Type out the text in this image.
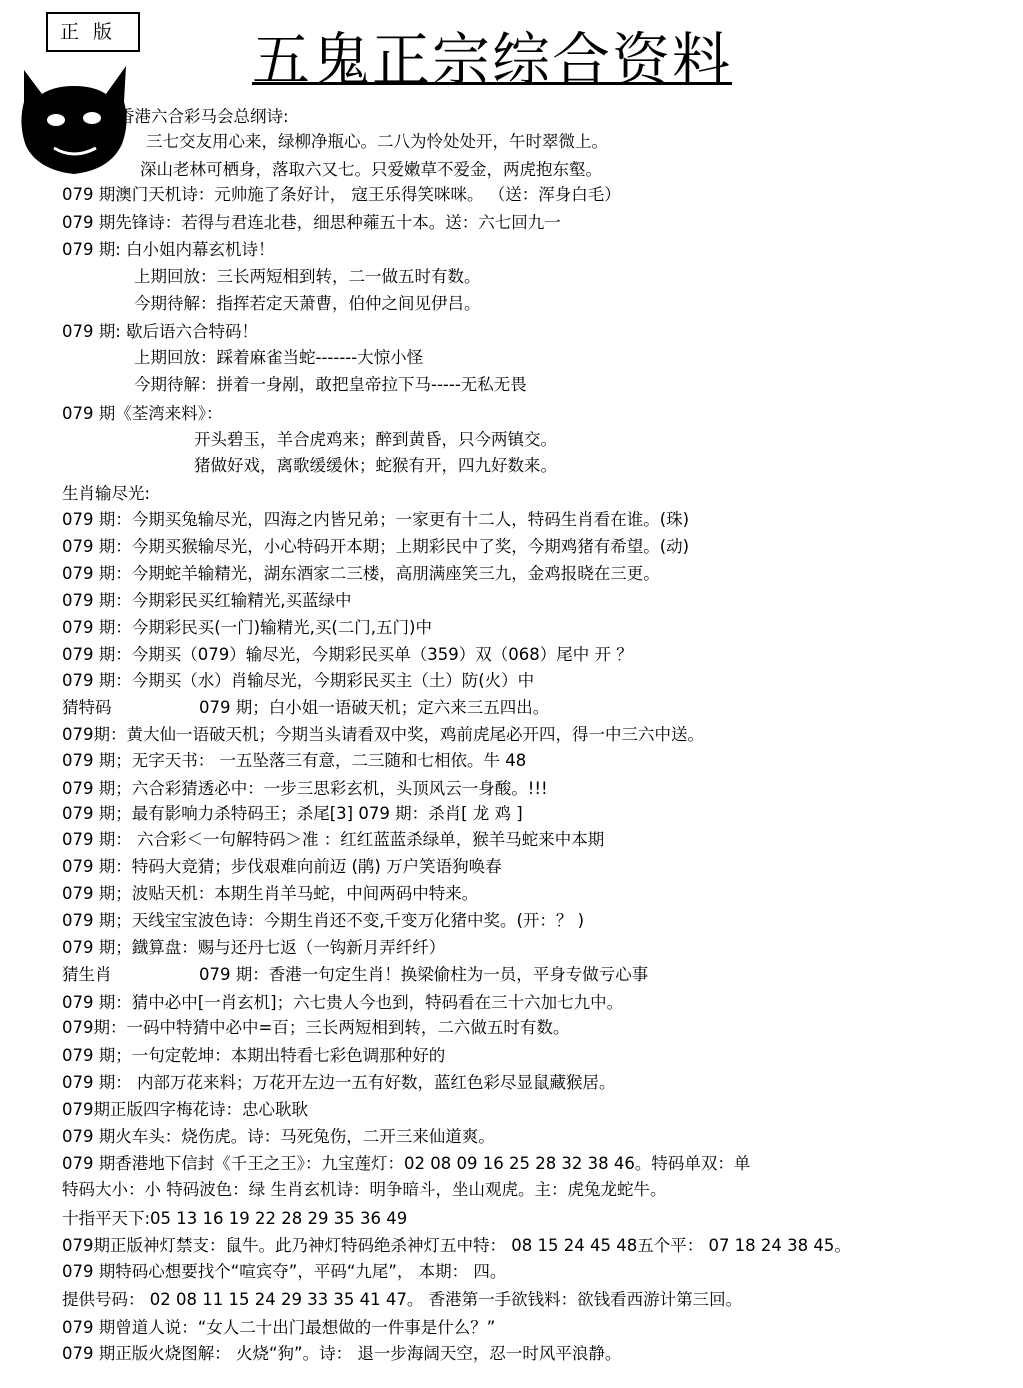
正 版	五鬼正宗综合资料
香港六合彩马会总纲诗:
三七交友用心来，绿柳净瓶心。二八为怜处处开，午时翠微上。
深山老林可栖身，落取六又七。只爱嫩草不爱金，两虎抱东壑。
079 期澳门天机诗：元帅施了条好计， 寇王乐得笑咪咪。 （送：浑身白毛）
079 期先锋诗：若得与君连北巷，细思种蕹五十本。送：六七回九一
079 期: 白小姐内幕玄机诗！
上期回放：三长两短相到转，二一做五时有数。
今期待解：指挥若定天萧曹，伯仲之间见伊吕。
079 期: 歇后语六合特码！
上期回放：踩着麻雀当蛇-------大惊小怪
今期待解：拼着一身剐，敢把皇帝拉下马-----无私无畏
079 期《荃湾来料》：
开头碧玉，羊合虎鸡来；醉到黄昏，只今两镇交。
猪做好戏，离歌缓缓休；蛇猴有开，四九好数来。
生肖输尽光:
079 期：今期买兔输尽光，四海之内皆兄弟；一家更有十二人，特码生肖看在谁。(珠)
079 期：今期买猴输尽光，小心特码开本期；上期彩民中了奖，今期鸡猪有希望。(动)
079 期：今期蛇羊输精光，湖东酒家二三楼，高朋满座笑三九，金鸡报晓在三更。
079 期：今期彩民买红输精光,买蓝绿中
079 期：今期彩民买(一门)输精光,买(二门,五门)中
079 期：今期买（079）输尽光，今期彩民买单（359）双（068）尾中 开 ？
079 期：今期买（水）肖输尽光，今期彩民买主（土）防(火）中
猜特码	079 期；白小姐一语破天机；定六来三五四出。
079期：黄大仙一语破天机；今期当头请看双中奖，鸡前虎尾必开四，得一中三六中送。
079 期；无字天书： 一五坠落三有意，二三随和七相依。牛 48
079 期；六合彩猜透必中：一步三思彩玄机，头顶风云一身酸。!!!
079 期；最有影响力杀特码王；杀尾[3] 079 期：杀肖[ 龙 鸡 ]
079 期： 六合彩＜一句解特码＞准 ：红红蓝蓝杀绿单，猴羊马蛇来中本期
079 期：特码大竞猜；步伐艰难向前迈 (鹃) 万户笑语狗唤春
079 期；波贴天机：本期生肖羊马蛇，中间两码中特来。
079 期；天线宝宝波色诗：今期生肖还不变,千变万化猪中奖。(开：？ )
079 期；鐡算盘：赐与还丹七返（一钩新月弄纤纤）
猜生肖	079 期：香港一句定生肖！换梁偷柱为一员，平身专做亏心事
079 期：猜中必中[一肖玄机]；六七贵人今也到，特码看在三十六加七九中。
079期：一码中特猜中必中=百；三长两短相到转，二六做五时有数。
079 期；一句定乾坤：本期出特看七彩色调那种好的
079 期： 内部万花来料；万花开左边一五有好数，蓝红色彩尽显鼠藏猴居。
079期正版四字梅花诗：忠心耿耿
079 期火车头：烧伤虎。诗：马死兔伤，二开三来仙道爽。
079 期香港地下信封《千王之王》：九宝莲灯：02 08 09 16 25 28 32 38 46。特码单双：单
特码大小：小 特码波色：绿 生肖玄机诗：明争暗斗，坐山观虎。主：虎兔龙蛇牛。
十指平天下:05 13 16 19 22 28 29 35 36 49
079期正版神灯禁支：鼠牛。此乃神灯特码绝杀神灯五中特： 08 15 24 45 48五个平： 07 18 24 38 45。
079 期特码心想要找个“喧宾夺”，平码“九尾”， 本期： 四。
提供号码： 02 08 11 15 24 29 33 35 41 47。 香港第一手欲钱料：欲钱看西游计第三回。
079 期曾道人说：“女人二十出门最想做的一件事是什么？”
079 期正版火烧图解： 火烧“狗”。诗： 退一步海阔天空，忍一时风平浪静。
